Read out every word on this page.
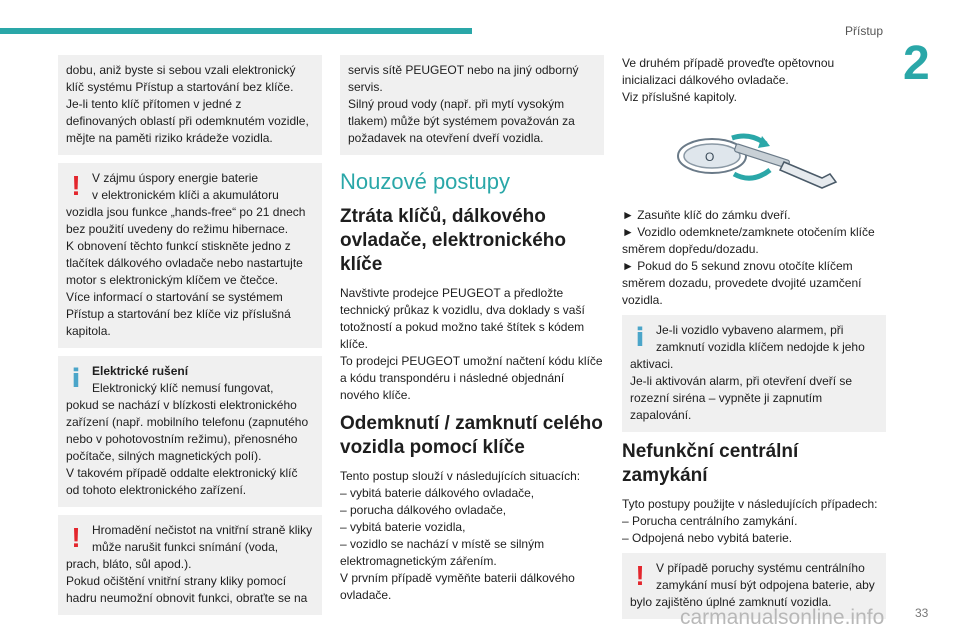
Přístup
2

dobu, aniž byste si sebou vzali elektronický klíč systému Přístup a startování bez klíče.
Je-li tento klíč přítomen v jedné z definovaných oblastí při odemknutém vozidle, mějte na paměti riziko krádeže vozidla.

! V zájmu úspory energie baterie
v elektronickém klíči a akumulátoru

vozidla jsou funkce „hands-free“ po 21 dnech bez použití uvedeny do režimu hibernace.
K obnovení těchto funkcí stiskněte jedno z tlačítek dálkového ovladače nebo nastartujte motor s elektronickým klíčem ve čtečce.
Více informací o startování se systémem Přístup a startování bez klíče viz příslušná kapitola.

i Elektrické rušení

Elektronický klíč nemusí fungovat,

pokud se nachází v blízkosti elektronického zařízení (např. mobilního telefonu (zapnutého nebo v pohotovostním režimu), přenosného počítače, silných magnetických polí).
V takovém případě oddalte elektronický klíč od tohoto elektronického zařízení.

! Hromadění nečistot na vnitřní straně kliky
může narušit funkci snímání (voda,

prach, bláto, sůl apod.).
Pokud očištění vnitřní strany kliky pomocí hadru neumožní obnovit funkci, obraťte se na

servis sítě PEUGEOT nebo na jiný odborný servis.
Silný proud vody (např. při mytí vysokým tlakem) může být systémem považován za požadavek na otevření dveří vozidla.

Nouzové postupy
Ztráta klíčů, dálkového ovladače, elektronického klíče

Navštivte prodejce PEUGEOT a předložte technický průkaz k vozidlu, dva doklady s vaší totožností a pokud možno také štítek s kódem klíče.
To prodejci PEUGEOT umožní načtení kódu klíče a kódu transpondéru i následné objednání nového klíče.

Odemknutí / zamknutí celého vozidla pomocí klíče

Tento postup slouží v následujících situacích:
– vybitá baterie dálkového ovladače,
– porucha dálkového ovladače,
– vybitá baterie vozidla,
– vozidlo se nachází v místě se silným elektromagnetickým zářením.
V prvním případě vyměňte baterii dálkového ovladače.

Ve druhém případě proveďte opětovnou inicializaci dálkového ovladače.
Viz příslušné kapitoly.

O

► Zasuňte klíč do zámku dveří.
► Vozidlo odemknete/zamknete otočením klíče směrem dopředu/dozadu.
► Pokud do 5 sekund znovu otočíte klíčem směrem dozadu, provedete dvojité uzamčení vozidla.

i Je-li vozidlo vybaveno alarmem, při
zamknutí vozidla klíčem nedojde k jeho

aktivaci.
Je-li aktivován alarm, při otevření dveří se rozezní siréna – vypněte ji zapnutím zapalování.

Nefunkční centrální zamykání

Tyto postupy použijte v následujících případech:
– Porucha centrálního zamykání.
– Odpojená nebo vybitá baterie.

! V případě poruchy systému centrálního
zamykání musí být odpojena baterie, aby

bylo zajištěno úplné zamknutí vozidla.

carmanualsonline.info	33
